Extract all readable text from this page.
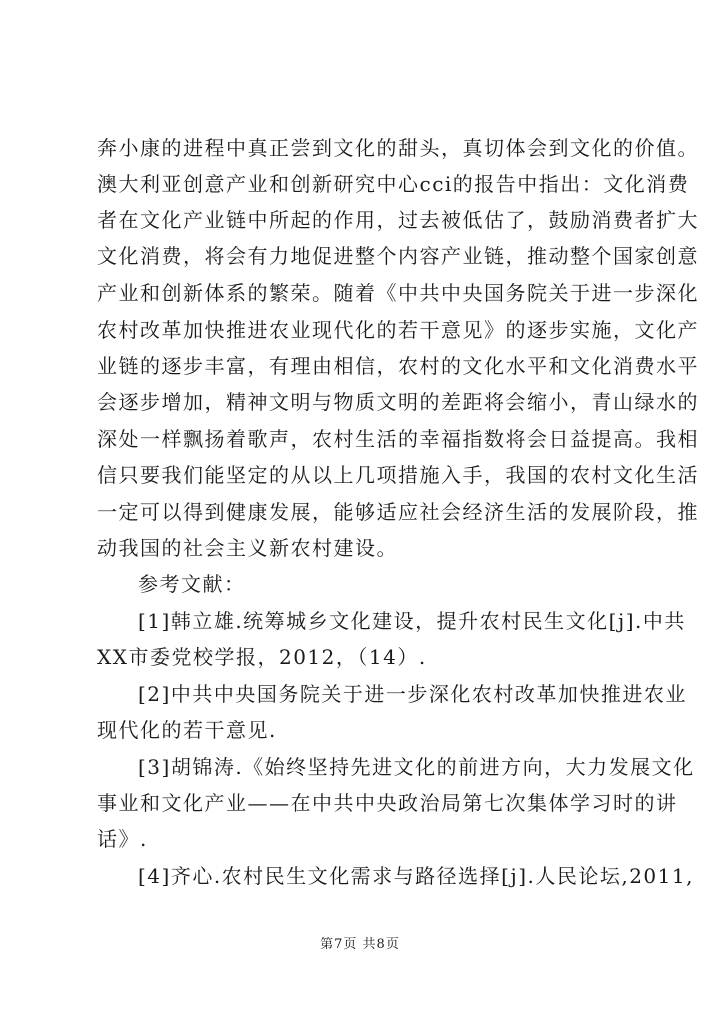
奔小康的进程中真正尝到文化的甜头，真切体会到文化的价值。
澳大利亚创意产业和创新研究中心cci的报告中指出：文化消费
者在文化产业链中所起的作用，过去被低估了，鼓励消费者扩大
文化消费，将会有力地促进整个内容产业链，推动整个国家创意
产业和创新体系的繁荣。随着《中共中央国务院关于进一步深化
农村改革加快推进农业现代化的若干意见》的逐步实施，文化产
业链的逐步丰富，有理由相信，农村的文化水平和文化消费水平
会逐步增加，精神文明与物质文明的差距将会缩小，青山绿水的
深处一样飘扬着歌声，农村生活的幸福指数将会日益提高。我相
信只要我们能坚定的从以上几项措施入手，我国的农村文化生活
一定可以得到健康发展，能够适应社会经济生活的发展阶段，推
动我国的社会主义新农村建设。
参考文献：
[1]韩立雄.统筹城乡文化建设，提升农村民生文化[j].中共
XX市委党校学报，2012，（14）.
[2]中共中央国务院关于进一步深化农村改革加快推进农业
现代化的若干意见.
[3]胡锦涛.《始终坚持先进文化的前进方向，大力发展文化
事业和文化产业——在中共中央政治局第七次集体学习时的讲
话》.
[4]齐心.农村民生文化需求与路径选择[j].人民论坛,2011,
第7页 共8页
